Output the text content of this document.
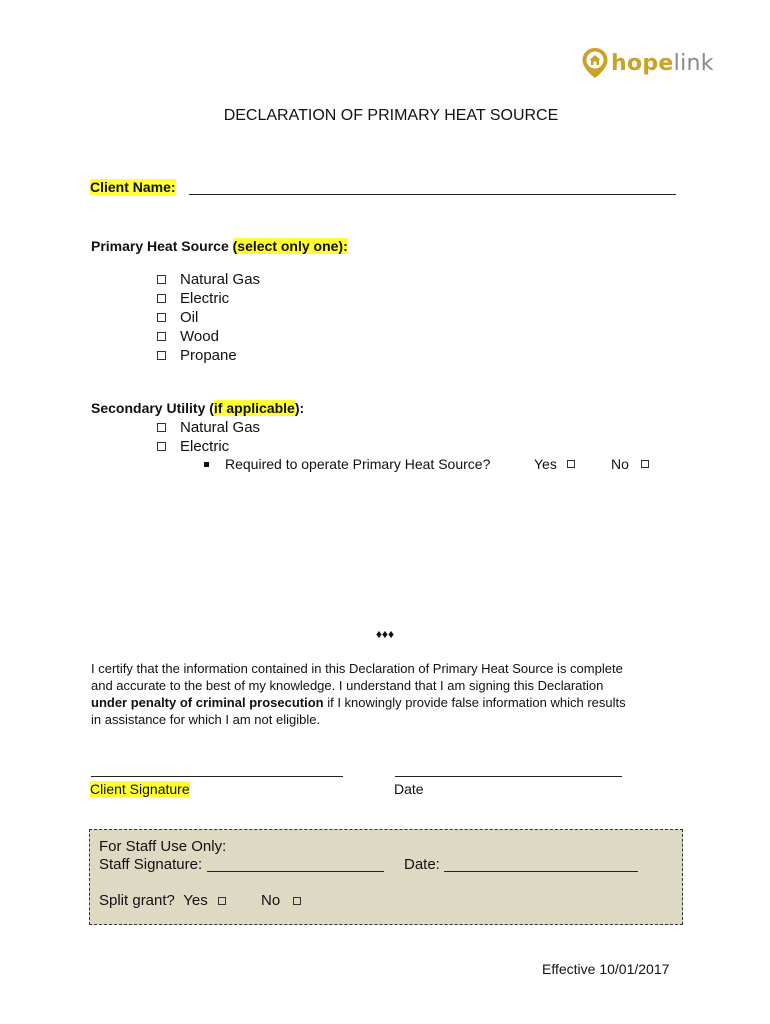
hopelink
DECLARATION OF PRIMARY HEAT SOURCE
Client Name:
Primary Heat Source (select only one):
Natural Gas
Electric
Oil
Wood
Propane
Secondary Utility (if applicable):
Natural Gas
Electric
Required to operate Primary Heat Source?	Yes	No
♦♦♦
I certify that the information contained in this Declaration of Primary Heat Source is complete
and accurate to the best of my knowledge. I understand that I am signing this Declaration
under penalty of criminal prosecution if I knowingly provide false information which results
in assistance for which I am not eligible.
Client Signature	Date
For Staff Use Only:
Staff Signature:	Date:
Split grant?
Yes	No
Effective 10/01/2017
